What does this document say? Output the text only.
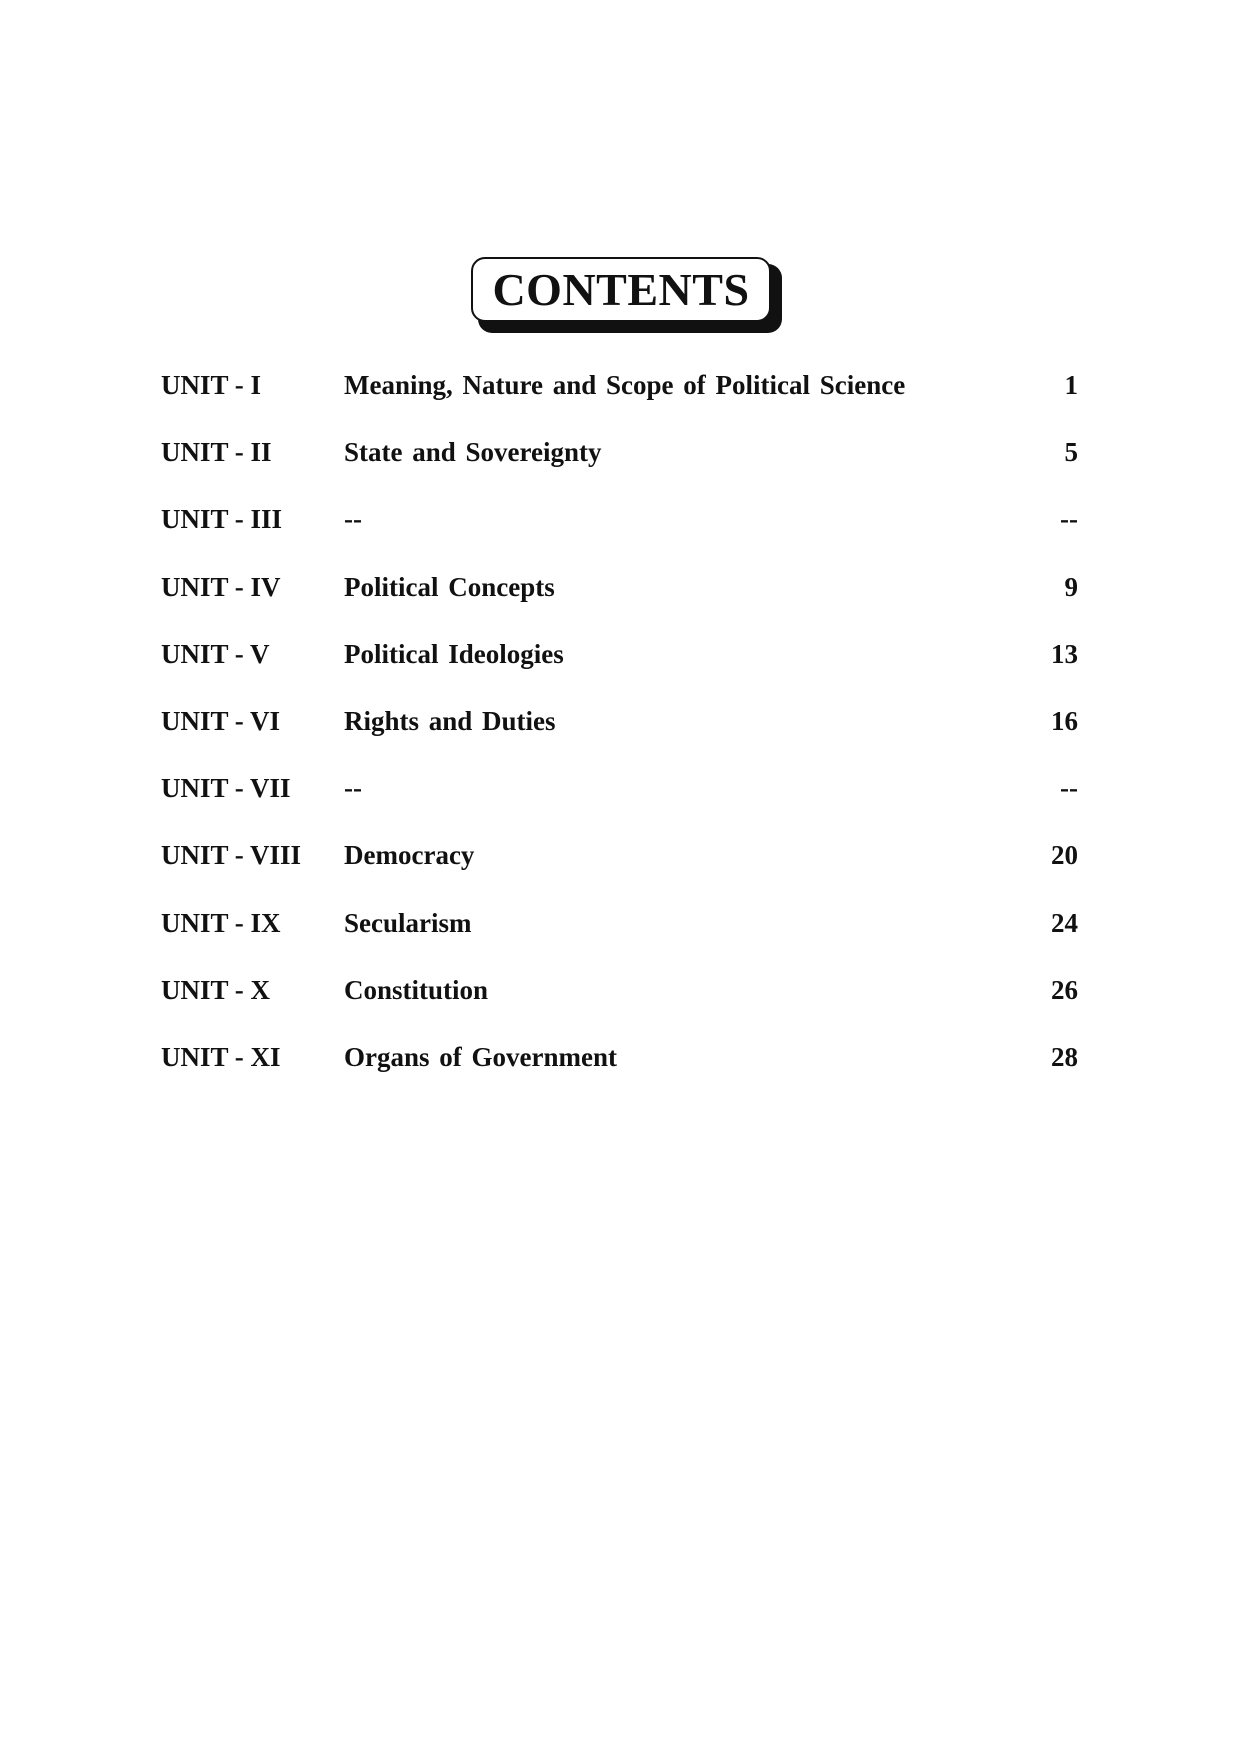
CONTENTS
UNIT - I	Meaning, Nature and Scope of Political Science	1
UNIT - II	State and Sovereignty	5
UNIT - III	--	--
UNIT - IV	Political Concepts	9
UNIT - V	Political Ideologies	13
UNIT - VI	Rights and Duties	16
UNIT - VII	--	--
UNIT - VIII	Democracy	20
UNIT - IX	Secularism	24
UNIT - X	Constitution	26
UNIT - XI	Organs of Government	28
